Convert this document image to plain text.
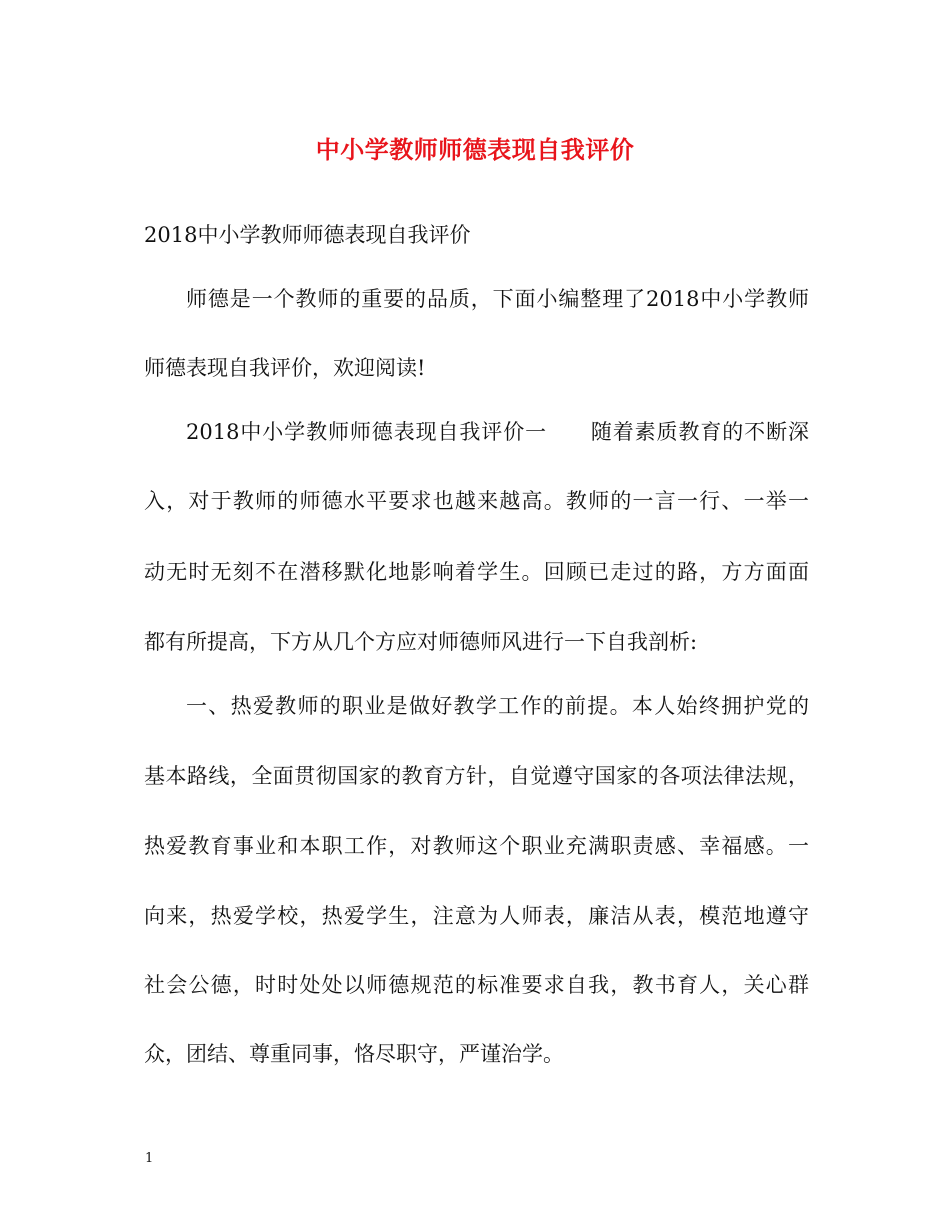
中小学教师师德表现自我评价
2018中小学教师师德表现自我评价
师德是一个教师的重要的品质，下面小编整理了2018中小学教师
师德表现自我评价，欢迎阅读!
2018中小学教师师德表现自我评价一　　随着素质教育的不断深
入，对于教师的师德水平要求也越来越高。教师的一言一行、一举一
动无时无刻不在潜移默化地影响着学生。回顾已走过的路，方方面面
都有所提高，下方从几个方应对师德师风进行一下自我剖析:
一、热爱教师的职业是做好教学工作的前提。本人始终拥护党的
基本路线，全面贯彻国家的教育方针，自觉遵守国家的各项法律法规，
热爱教育事业和本职工作，对教师这个职业充满职责感、幸福感。一
向来，热爱学校，热爱学生，注意为人师表，廉洁从表，模范地遵守
社会公德，时时处处以师德规范的标准要求自我，教书育人，关心群
众，团结、尊重同事，恪尽职守，严谨治学。
1
